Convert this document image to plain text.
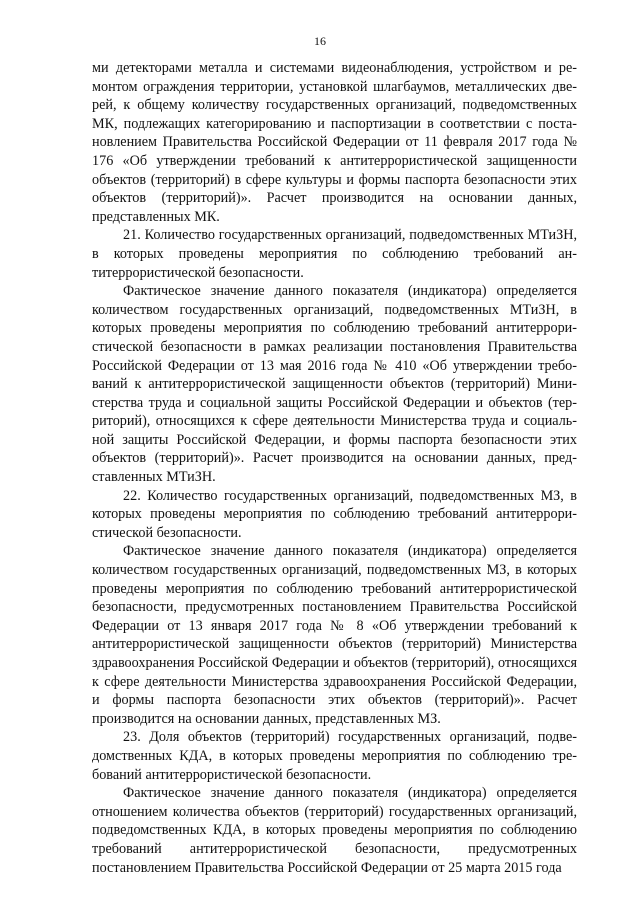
16

ми детекторами металла и системами видеонаблюдения, устройством и ремонтом ограждения территории, установкой шлагбаумов, металлических дверей, к общему количеству государственных организаций, подведомственных МК, подлежащих категорированию и паспортизации в соответствии с постановлением Правительства Российской Федерации от 11 февраля 2017 года № 176 «Об утверждении требований к антитеррористической защищенности объектов (территорий) в сфере культуры и формы паспорта безопасности этих объектов (территорий)». Расчет производится на основании данных, представленных МК.

21. Количество государственных организаций, подведомственных МТиЗН, в которых проведены мероприятия по соблюдению требований антитеррористической безопасности.

Фактическое значение данного показателя (индикатора) определяется количеством государственных организаций, подведомственных МТиЗН, в которых проведены мероприятия по соблюдению требований антитеррористической безопасности в рамках реализации постановления Правительства Российской Федерации от 13 мая 2016 года № 410 «Об утверждении требований к антитеррористической защищенности объектов (территорий) Министерства труда и социальной защиты Российской Федерации и объектов (территорий), относящихся к сфере деятельности Министерства труда и социальной защиты Российской Федерации, и формы паспорта безопасности этих объектов (территорий)». Расчет производится на основании данных, представленных МТиЗН.

22. Количество государственных организаций, подведомственных МЗ, в которых проведены мероприятия по соблюдению требований антитеррористической безопасности.

Фактическое значение данного показателя (индикатора) определяется количеством государственных организаций, подведомственных МЗ, в которых проведены мероприятия по соблюдению требований антитеррористической безопасности, предусмотренных постановлением Правительства Российской Федерации от 13 января 2017 года № 8 «Об утверждении требований к антитеррористической защищенности объектов (территорий) Министерства здравоохранения Российской Федерации и объектов (территорий), относящихся к сфере деятельности Министерства здравоохранения Российской Федерации, и формы паспорта безопасности этих объектов (территорий)». Расчет производится на основании данных, представленных МЗ.

23. Доля объектов (территорий) государственных организаций, подведомственных КДА, в которых проведены мероприятия по соблюдению требований антитеррористической безопасности.

Фактическое значение данного показателя (индикатора) определяется отношением количества объектов (территорий) государственных организаций, подведомственных КДА, в которых проведены мероприятия по соблюдению требований антитеррористической безопасности, предусмотренных постановлением Правительства Российской Федерации от 25 марта 2015 года
